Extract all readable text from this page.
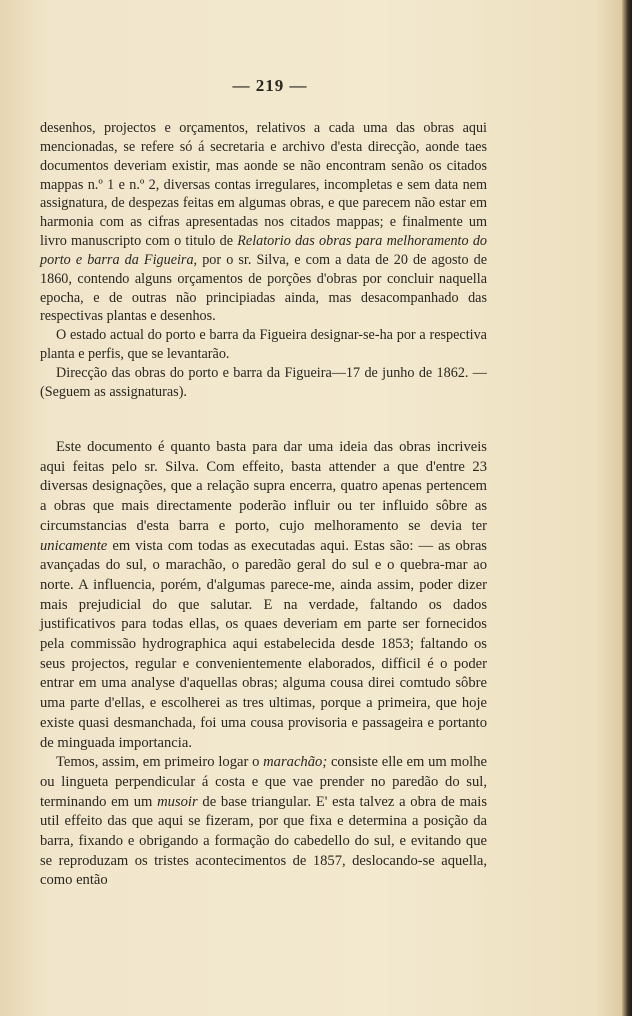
— 219 —

desenhos, projectos e orçamentos, relativos a cada uma das obras aqui mencionadas, se refere só á secretaria e archivo d'esta direcção, aonde taes documentos deveriam existir, mas aonde se não encontram senão os citados mappas n.º 1 e n.º 2, diversas contas irregulares, incompletas e sem data nem assignatura, de despezas feitas em algumas obras, e que parecem não estar em harmonia com as cifras apresentadas nos citados mappas; e finalmente um livro manuscripto com o titulo de Relatorio das obras para melhoramento do porto e barra da Figueira, por o sr. Silva, e com a data de 20 de agosto de 1860, contendo alguns orçamentos de porções d'obras por concluir naquella epocha, e de outras não principiadas ainda, mas desacompanhado das respectivas plantas e desenhos.

O estado actual do porto e barra da Figueira designar-se-ha por a respectiva planta e perfis, que se levantarão.

Direcção das obras do porto e barra da Figueira—17 de junho de 1862. — (Seguem as assignaturas).

Este documento é quanto basta para dar uma ideia das obras incriveis aqui feitas pelo sr. Silva. Com effeito, basta attender a que d'entre 23 diversas designações, que a relação supra encerra, quatro apenas pertencem a obras que mais directamente poderão influir ou ter influido sôbre as circumstancias d'esta barra e porto, cujo melhoramento se devia ter unicamente em vista com todas as executadas aqui. Estas são: — as obras avançadas do sul, o marachão, o paredão geral do sul e o quebra-mar ao norte. A influencia, porém, d'algumas parece-me, ainda assim, poder dizer mais prejudicial do que salutar. E na verdade, faltando os dados justificativos para todas ellas, os quaes deveriam em parte ser fornecidos pela commissão hydrographica aqui estabelecida desde 1853; faltando os seus projectos, regular e convenientemente elaborados, difficil é o poder entrar em uma analyse d'aquellas obras; alguma cousa direi comtudo sôbre uma parte d'ellas, e escolherei as tres ultimas, porque a primeira, que hoje existe quasi desmanchada, foi uma cousa provisoria e passageira e portanto de minguada importancia.

Temos, assim, em primeiro logar o marachão; consiste elle em um molhe ou lingueta perpendicular á costa e que vae prender no paredão do sul, terminando em um musoir de base triangular. E' esta talvez a obra de mais util effeito das que aqui se fizeram, por que fixa e determina a posição da barra, fixando e obrigando a formação do cabedello do sul, e evitando que se reproduzam os tristes acontecimentos de 1857, deslocando-se aquella, como então
